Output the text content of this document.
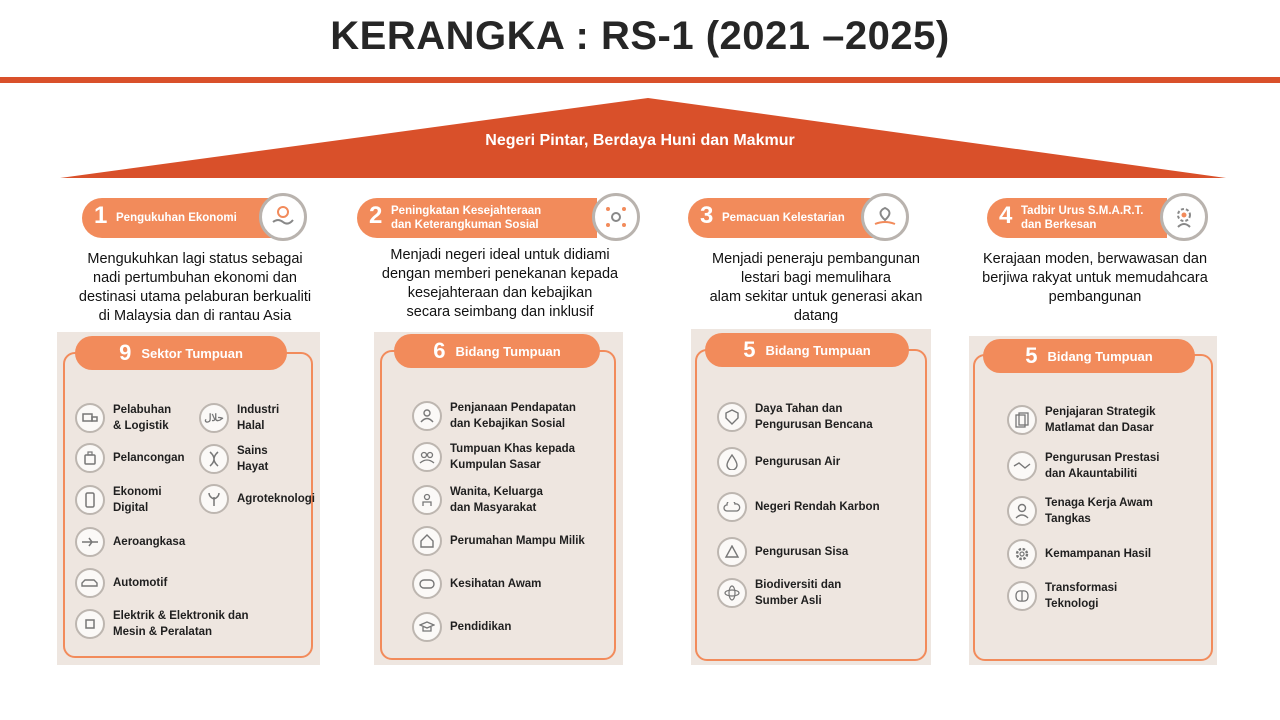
KERANGKA : RS-1 (2021 –2025)
Negeri Pintar, Berdaya Huni dan Makmur
1 Pengukuhan Ekonomi
Mengukuhkan lagi status sebagai
nadi pertumbuhan ekonomi dan
destinasi utama pelaburan berkualiti
di Malaysia dan di rantau Asia
9 Sektor Tumpuan
Pelabuhan
& Logistik
حلال
Industri
Halal
Pelancongan
Sains
Hayat
Ekonomi
Digital
Agroteknologi
Aeroangkasa
Automotif
Elektrik & Elektronik dan
Mesin & Peralatan
2 Peningkatan Kesejahteraan
dan Keterangkuman Sosial
Menjadi negeri ideal untuk didiami
dengan memberi penekanan kepada
kesejahteraan dan kebajikan
secara seimbang dan inklusif
6 Bidang Tumpuan
Penjanaan Pendapatan
dan Kebajikan Sosial
Tumpuan Khas kepada
Kumpulan Sasar
Wanita, Keluarga
dan Masyarakat
Perumahan Mampu Milik
Kesihatan Awam
Pendidikan
3 Pemacuan Kelestarian
Menjadi peneraju pembangunan
lestari bagi memulihara
alam sekitar untuk generasi akan
datang
5 Bidang Tumpuan
Daya Tahan dan
Pengurusan Bencana
Pengurusan Air
Negeri Rendah Karbon
Pengurusan Sisa
Biodiversiti dan
Sumber Asli
4 Tadbir Urus S.M.A.R.T.
dan Berkesan
Kerajaan moden, berwawasan dan
berjiwa rakyat untuk memudahcara
pembangunan
5 Bidang Tumpuan
Penjajaran Strategik
Matlamat dan Dasar
Pengurusan Prestasi
dan Akauntabiliti
Tenaga Kerja Awam
Tangkas
Kemampanan Hasil
Transformasi
Teknologi
